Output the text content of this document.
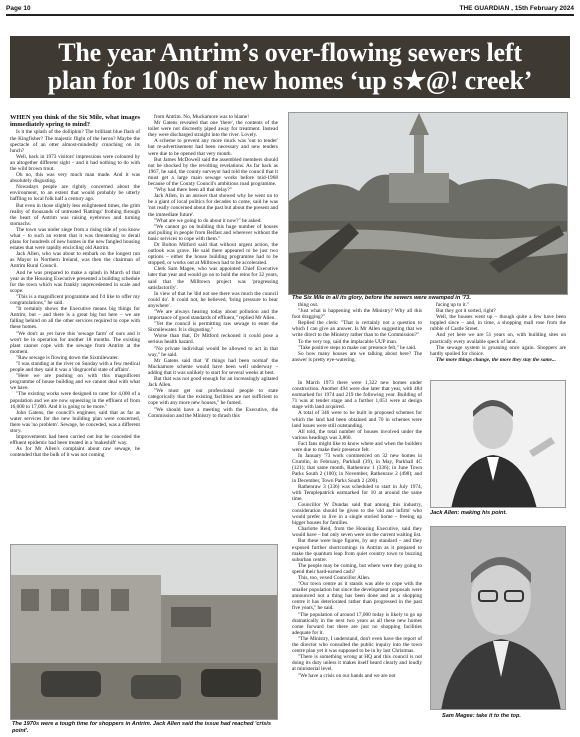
Page 10	THE GUARDIAN , 15th February 2024
The year Antrim’s over-flowing sewers left
plan for 100s of new homes ‘up s★@! creek’

WHEN you think of the Six Mile, what images immediately spring to mind?

Is it the splash of the dolliphin? The brilliant blue flash of the Kingfisher? The majestic flight of the heron? Maybe the spectacle of an otter almost-mindedly crunching on its lunch?

Well, back in 1973 visitors' impressions were coloured by an altogether different sight – and it had nothing to do with the wild brown trout.

Oh no, this was very much man made. And it was absolutely disgusting.

Nowadays people are rightly concerned about the environment, to an extent that would probably be utterly baffling to local folk half a century ago.

But even in those slightly less enlightened times, the grim reality of thousands of untreated 'Rattings' frothing through the heart of Antrim was raising eyebrows and turning stomachs.

The town was under siege from a rising tide of you know what – to such an extent that it was threatening to derail plans for hundreds of new homes in the new fangled housing estates that were rapidly encircling old Antrim.

Jack Allen, who was about to embark on the longest run as Mayor in Northern Ireland, was then the chairman of Antrim Rural Council.

And he was prepared to make a splash in March of that year as the Housing Executive presented a building schedule for the town which was frankly unprecedented in scale and scope.

"This is a magnificent programme and I'd like to offer my congratulations," he said.

"It certainly shows the Executive means big things for Antrim, but – and there is a great big but here – we are falling behind on all the other services required to cope with these homes.

"We don't as yet have this 'sewage farm' of ours and it won't be in operation for another 18 months. The existing plant cannot cope with the sewage from Antrim at the moment.

"Raw sewage is flowing down the Sixmilewater.

"I was standing at the river on Sunday with a few medical people and they said it was a 'disgraceful state of affairs'.

"Here we are pushing on with this magnificent programme of house building and we cannot deal with what we have.

"The existing works were designed to cater for 4,000 of a population and we are now squeezing in the effluent of from 16,000 to 17,000. And it is going to be more."

John Gatens, the council's engineer, said that as far as water services for the new building plan were concerned, there was 'no problem'. Sewage, he conceded, was a different story.

Improvements had been carried out but he conceded the effluent epidemic had been treated in a 'makeshift' way.

As for Mr Allen's complaint about raw sewage, he contended that the bulk of it was not coming

from Antrim. No, Muckamore was to blame!

Mr Gatens revealed that one 'there', the contents of the toilet were not discreetly piped away for treatment. Instead they were discharged straight into the river. Lovely.

A scheme to prevent any more muck was 'out to tender' but re-advertisement had been necessary and new tenders were due to be opened that very month.

But James McDowell said the assembled members should not be shocked by the revolting revelations. As far back as 1967, he said, the county surveyor had told the council that it must get a large main sewage works before mid-1968 because of the County Council's ambitious road programme.

"Why had there been all that delay?"

Jack Allen, in an answer that showed why he went on to be a giant of local politics for decades to come, said he was 'not really concerned about the past but about the present and the immediate future'.

"What are we going to do about it now?" he asked.

"We cannot go on building this huge number of houses and pulling in people from Belfast and wherever without the basic services to cope with them."

Dr Bolton Mitford said that without urgent action, the outlook was grave. He said there appeared to be just two options – either the house building programme had to be stopped, or works out at Milltown had to be accelerated.

Clerk Sam Magee, who was appointed Chief Executive later that year and would go on to hold the reins for 32 years, said that the Milltown project was 'progressing satisfactorily'.

In view of that he 'did not see there was much the council could do'. It could not, he believed, 'bring pressure to bear anywhere'.

"We are always hearing today about pollution and the importance of good standards of effluent," replied Mr Allen.

"Yet the council is permitting raw sewage to enter the Sixmilewater. It is disgusting."

Worse than that, Dr Mitford reckoned it could pose a serious health hazard.

"No private individual would be allowed to act in that way," he said.

Mr Gatens said that 'if things had been normal' the Muckamore scheme would have been well underway – adding that it was unlikely to start for several weeks at best.

But that was not good enough for an increasingly agitated Jack Allen.

"We must get our professional people to state categorically that the existing facilities are not sufficient to cope with any more new houses," he fumed.

"We should have a meeting with the Executive, the Commission and the Ministry to thrash this

The Six Mile in all its glory, before the sewers were swamped in '73.

thing out.

"Just what is happening with the Ministry? Why all this foot dragging?"

Replied the clerk: "That is certainly not a question to which I can give an answer. Is Mr Allen suggesting that we write direct to the Ministry rather than to the Commission?"

To the very top, said the implacable UUP man.

"Take positive steps to make our presence felt," he said.

So how many houses are we talking about here? The answer is pretty eye-watering.

facing up to it."

But they got it sorted, right?

Well, the houses went up – though quite a few have been toppled since – and, in time, a shopping mall rose from the rubble of Castle Street.

And yet here we are 51 years on, with building sites on practically every available speck of land.

The sewage system is groaning once again. Shoppers are hardly spoiled for choice.

The more things change, the more they stay the same...

In March 1973 there were 1,322 new homes under construction. Another 494 were due later that year, with 484 earmarked for 1974 and 219 the following year. Building of 71 was at tender stage and a further 1,051 were at design stage with land acquired.

A total of 346 were to be built in proposed schemes for which the land had been obtained and 70 in schemes were land issues were still outstanding.

All told, the total number of houses involved under the various headings was 3,860.

Fact fans might like to know where and when the builders were due to make their presence felt.

In January '73 work commenced on 32 new homes in Crumlin, in February, Parkhall (39), in May, Parkhall 4C (121); that same month, Rathenraw 1 (336); in June Town Parks South 2 (100); in November, Rathenraw 2 (498); and in December, Town Parks South 2 (200).

Rathenraw 3 (336) was scheduled to start in July 1974, with Templepatrick earmarked for 10 at around the same time.

Councillor W Dundas said that among this industry, consideration should be given to the 'old and infirm' who would prefer to live in a single storied home – freeing up bigger houses for families.

Charlotte Reid, from the Housing Executive, said they would have – but only seven were on the current waiting list.

But these were huge figures, by any standard – and they exposed further shortcomings in Antrim as it prepared to make the quantum leap from quiet country town to buzzing suburban centre.

The people may be coming, but where were they going to spend their hard-earned cash?

This, too, vexed Councillor Allen.

"Our town centre as it stands was able to cope with the smaller population but since the development proposals were announced not a thing has been done and as a shopping centre it has deteriorated rather than progressed in the past five years," he said.

"The population of around 17,000 today is likely to go up dramatically in the next two years as all these new homes come forward but there are just no shopping facilities adequate for it.

"The Ministry, I understand, don't even have the report of the director who consulted the public inquiry into the town centre plan yet it was supposed to be in by last Christmas.

"There is something wrong at HQ and this council is not doing its duty unless it makes itself heard clearly and loudly at ministerial level.

"We have a crisis on our hands and we are not

Jack Allen: making his point.
Sam Magee: take it to the top.
The 1970s were a tough time for shoppers in Antrim. Jack Allen said the issue had reached 'crisis point'.
